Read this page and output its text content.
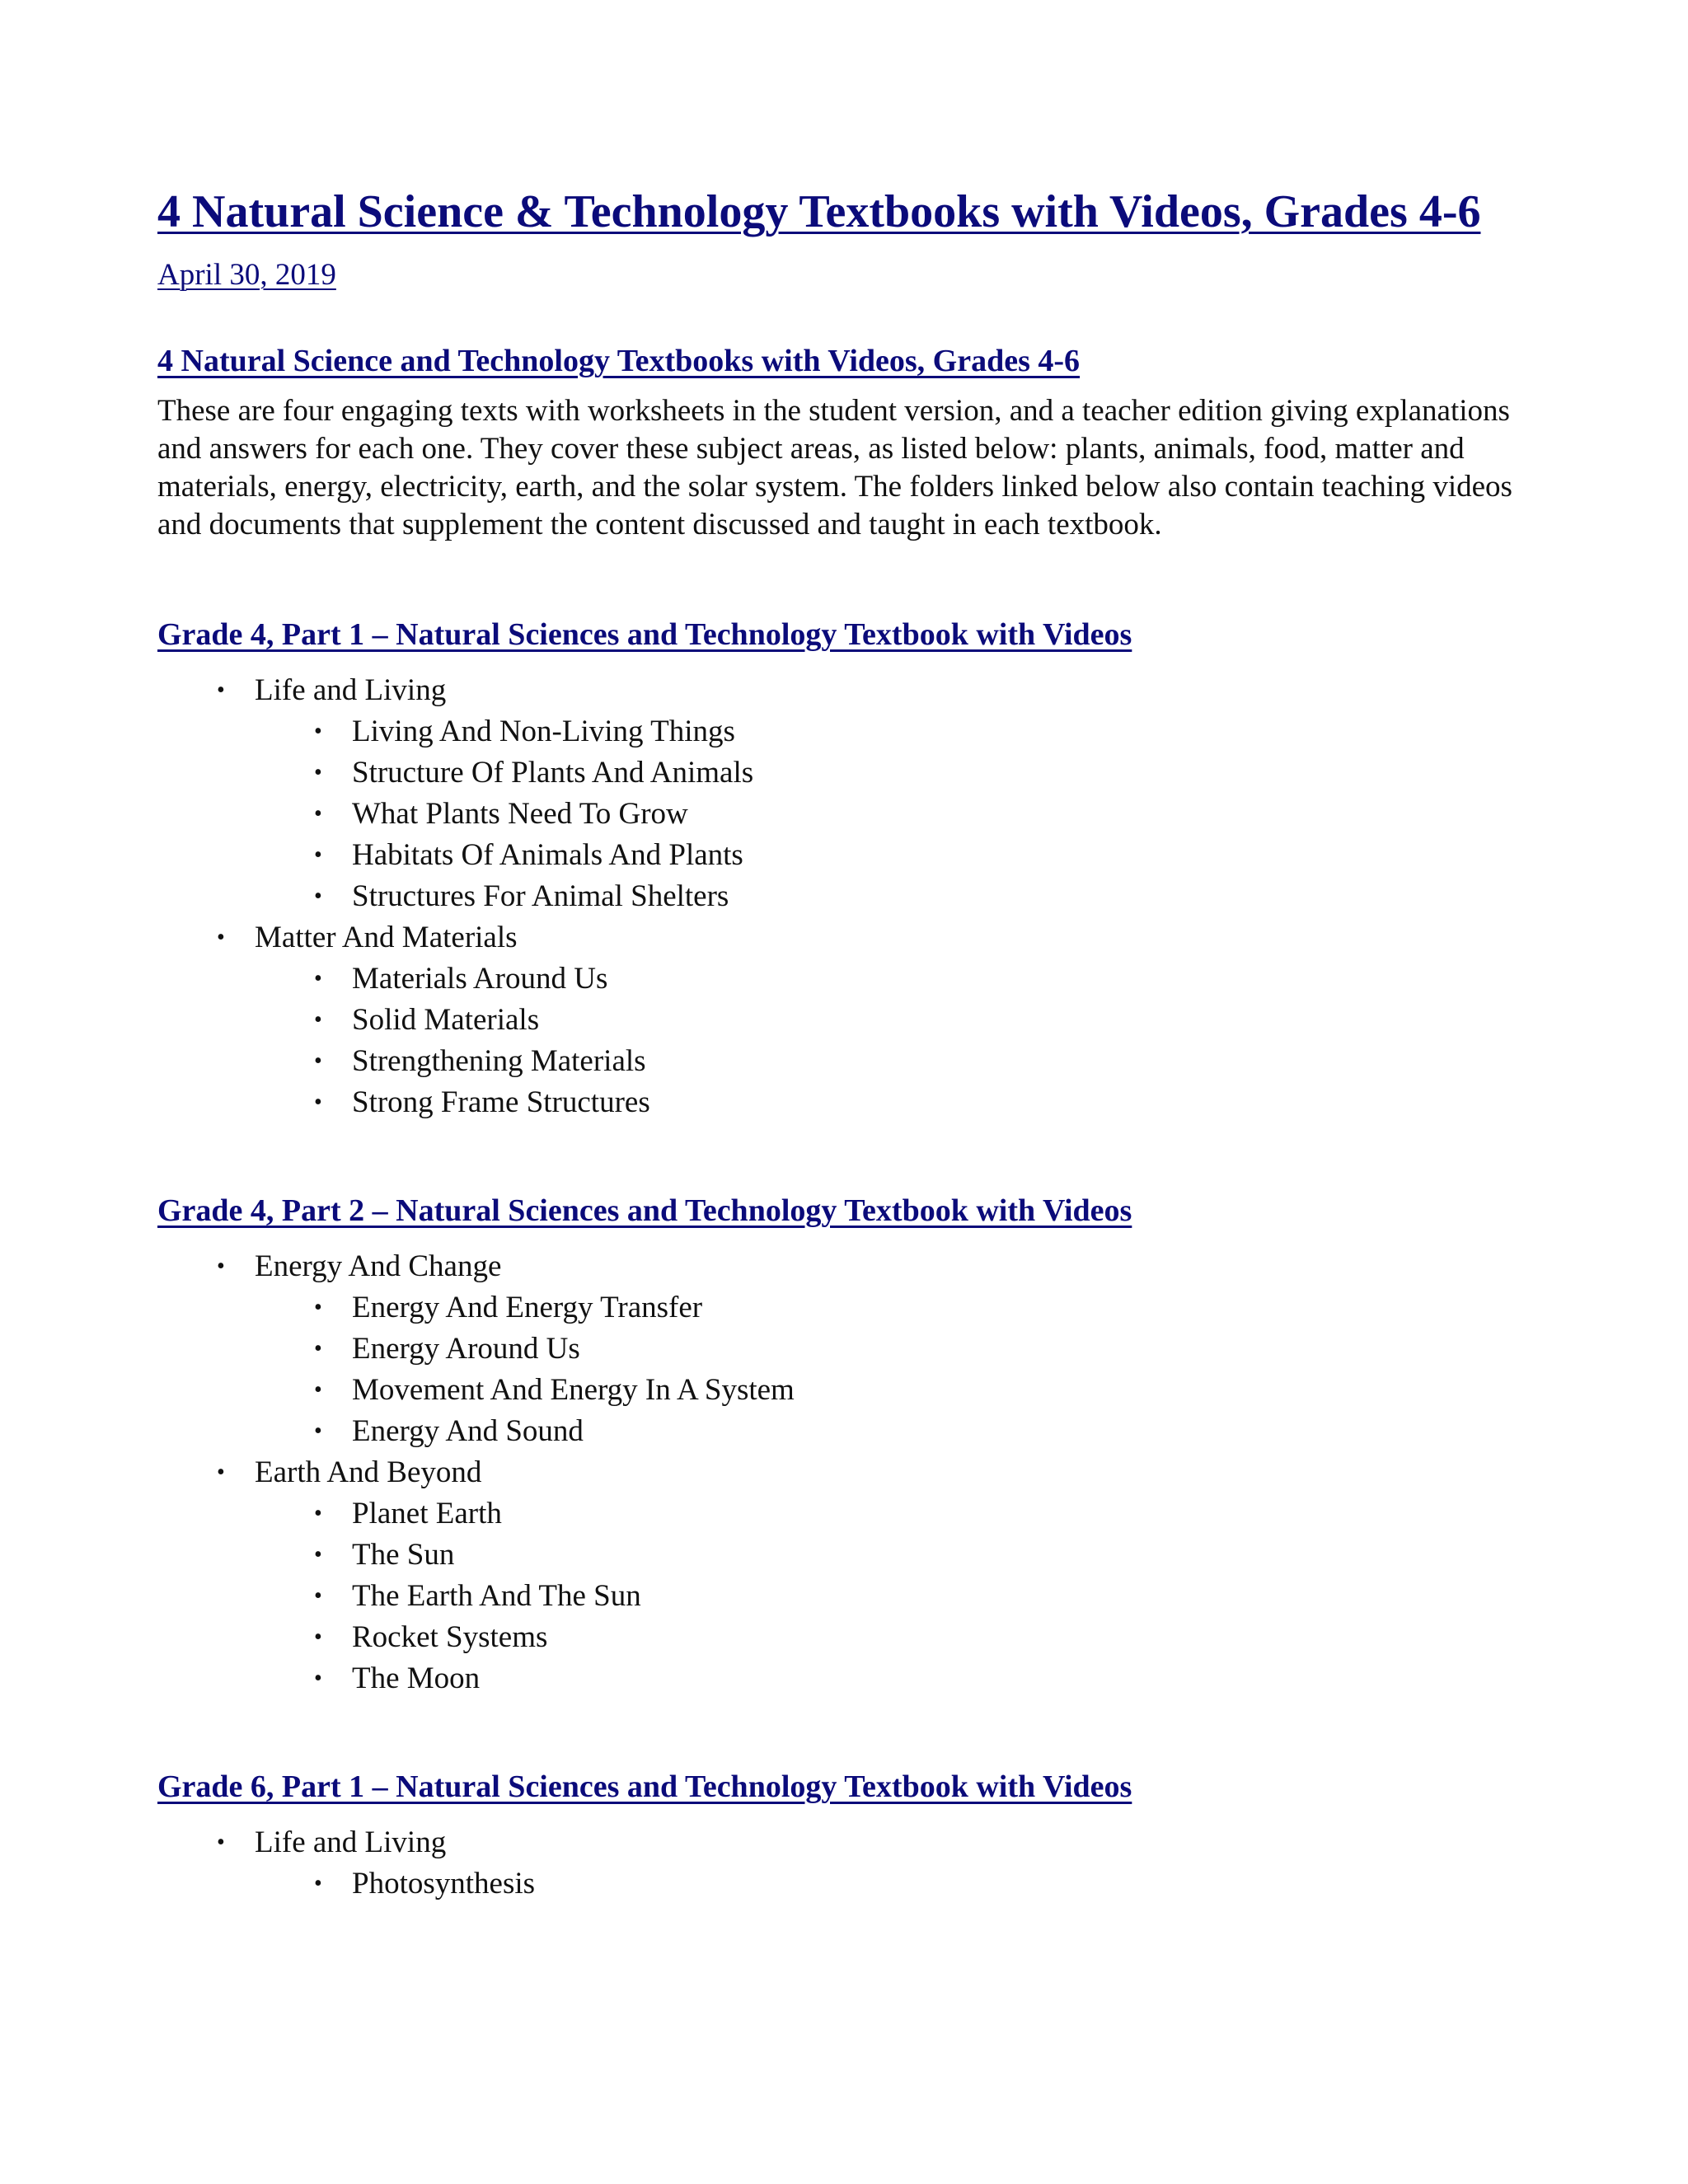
4 Natural Science & Technology Textbooks with Videos, Grades 4-6
April 30, 2019
4 Natural Science and Technology Textbooks with Videos, Grades 4-6

These are four engaging texts with worksheets in the student version, and a teacher edition giving explanations and answers for each one. They cover these subject areas, as listed below: plants, animals, food, matter and materials, energy, electricity, earth, and the solar system. The folders linked below also contain teaching videos and documents that supplement the content discussed and taught in each textbook.

Grade 4, Part 1 – Natural Sciences and Technology Textbook with Videos
• Life and Living
• Living And Non-Living Things
• Structure Of Plants And Animals
• What Plants Need To Grow
• Habitats Of Animals And Plants
• Structures For Animal Shelters
• Matter And Materials
• Materials Around Us
• Solid Materials
• Strengthening Materials
• Strong Frame Structures
Grade 4, Part 2 – Natural Sciences and Technology Textbook with Videos
• Energy And Change
• Energy And Energy Transfer
• Energy Around Us
• Movement And Energy In A System
• Energy And Sound
• Earth And Beyond
• Planet Earth
• The Sun
• The Earth And The Sun
• Rocket Systems
• The Moon
Grade 6, Part 1 – Natural Sciences and Technology Textbook with Videos
• Life and Living
• Photosynthesis
